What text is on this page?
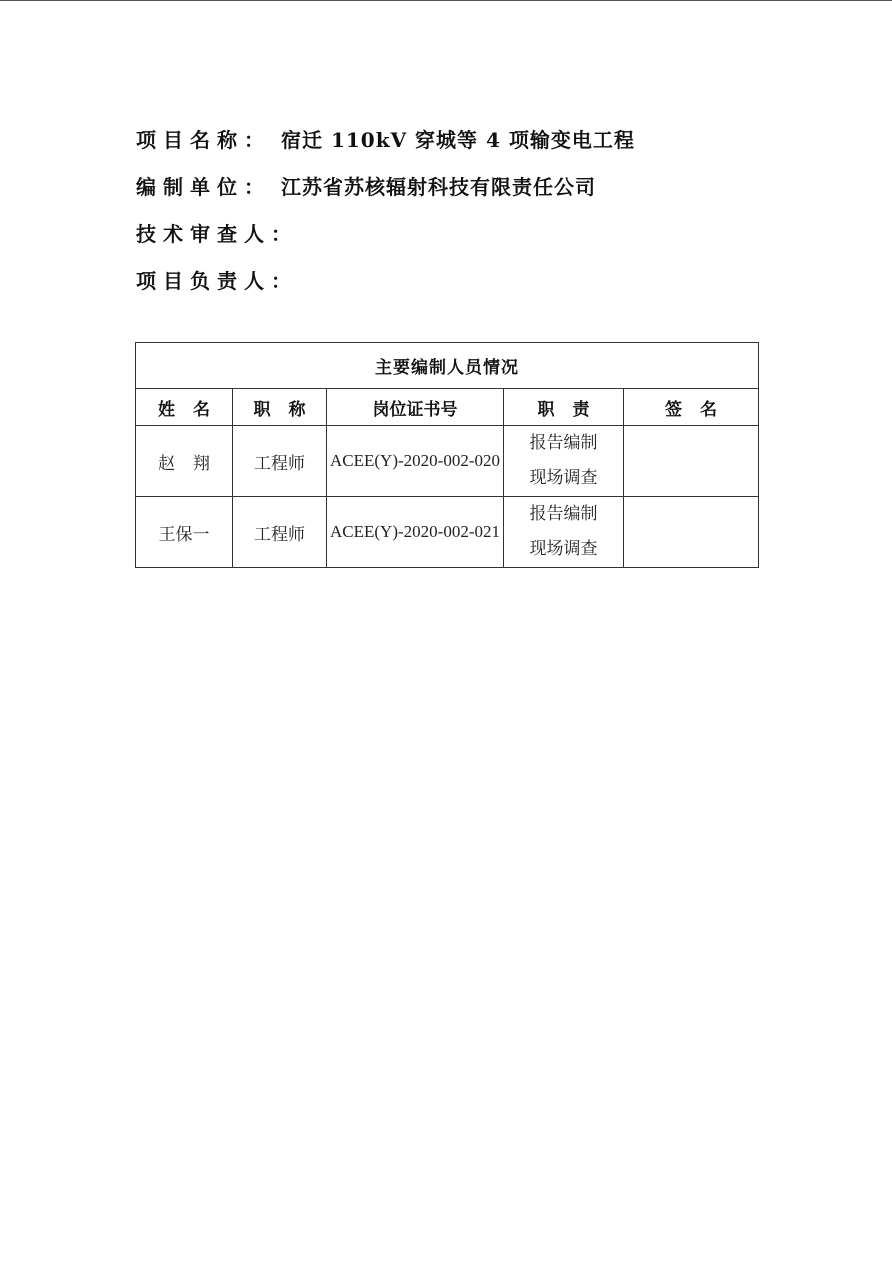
项目名称： 宿迁 110kV 穿城等 4 项输变电工程
编制单位： 江苏省苏核辐射科技有限责任公司
技术审查人：
项目负责人：
主要编制人员情况				
姓名	职称	岗位证书号	职责	签名
赵翔	工程师	ACEE(Y)-2020-002-020	报告编制
现场调查	

王保一	工程师	ACEE(Y)-2020-002-021	报告编制
现场调查	
